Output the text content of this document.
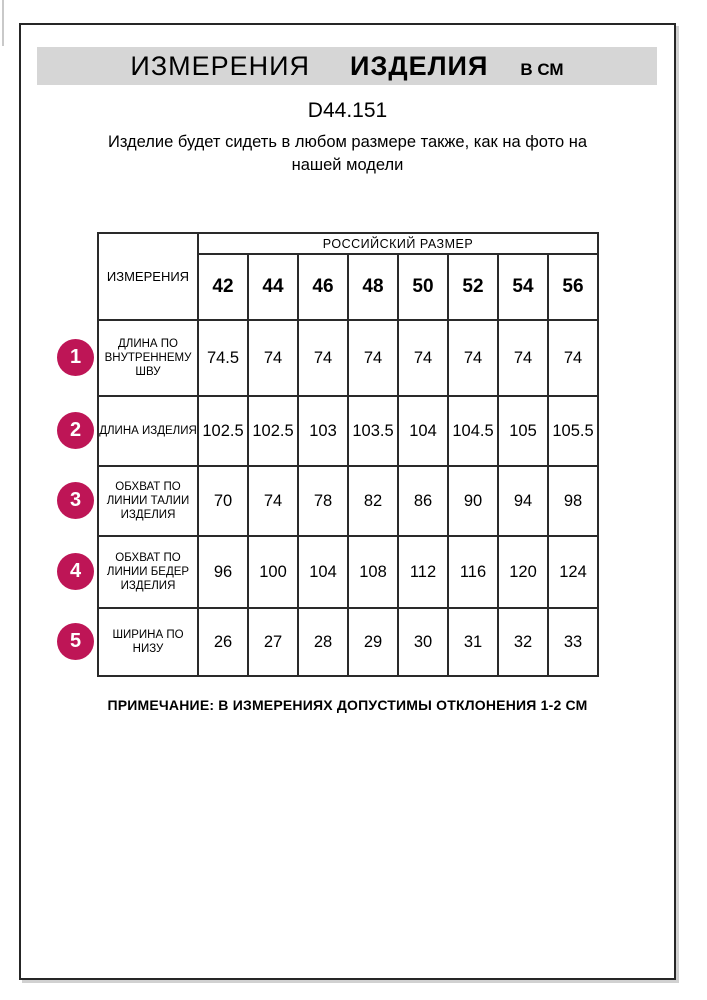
ИЗМЕРЕНИЯ ИЗДЕЛИЯ В СМ
D44.151
Изделие будет сидеть в любом размере также, как на фото на нашей модели
ИЗМЕРЕНИЯ	РОССИЙСКИЙ РАЗМЕР							
	42	44	46	48	50	52	54	56
ДЛИНА ПО ВНУТРЕННЕМУ ШВУ	74.5	74	74	74	74	74	74	74
ДЛИНА ИЗДЕЛИЯ	102.5	102.5	103	103.5	104	104.5	105	105.5
ОБХВАТ ПО ЛИНИИ ТАЛИИ ИЗДЕЛИЯ	70	74	78	82	86	90	94	98
ОБХВАТ ПО ЛИНИИ БЕДЕР ИЗДЕЛИЯ	96	100	104	108	112	116	120	124
ШИРИНА ПО НИЗУ	26	27	28	29	30	31	32	33
1
2
3
4
5
ПРИМЕЧАНИЕ: В ИЗМЕРЕНИЯХ ДОПУСТИМЫ ОТКЛОНЕНИЯ 1-2 СМ
